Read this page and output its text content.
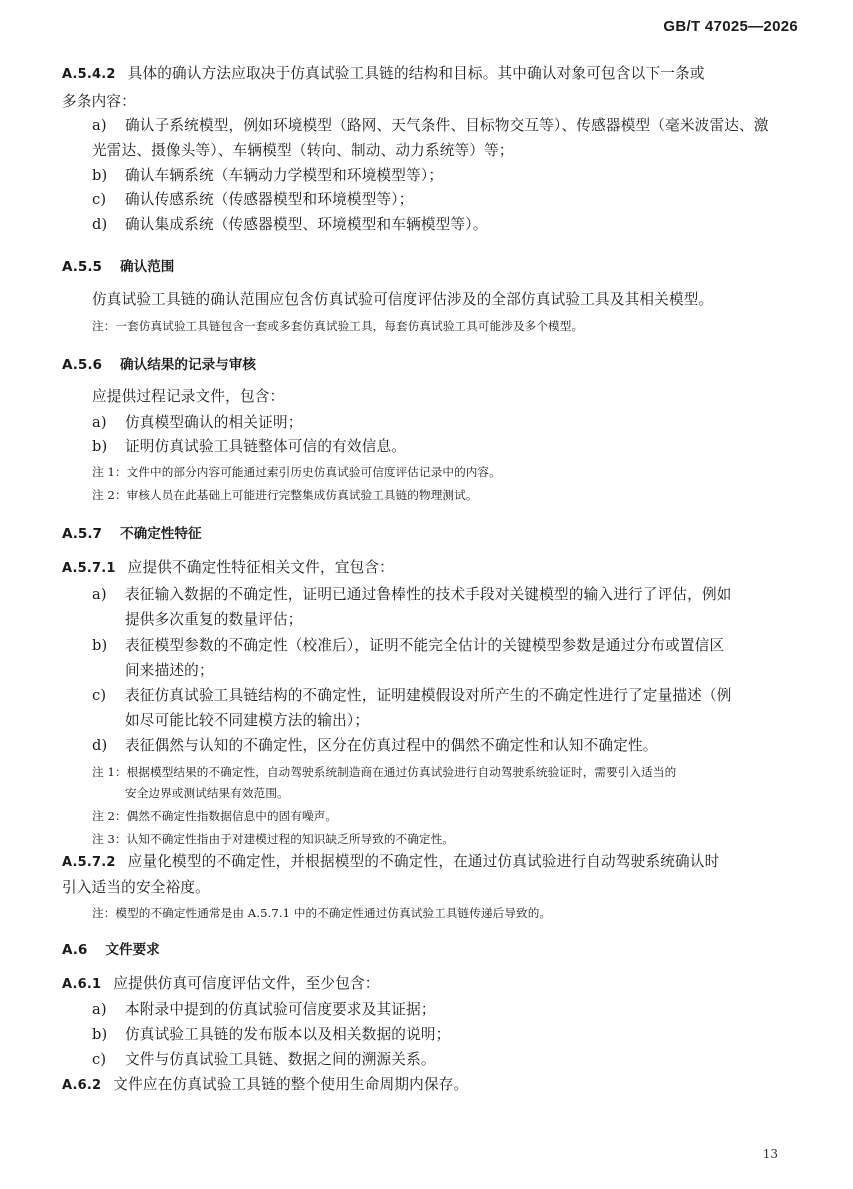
GB/T 47025—2026
A.5.4.2 具体的确认方法应取决于仿真试验工具链的结构和目标。其中确认对象可包含以下一条或
多条内容：
a) 确认子系统模型，例如环境模型（路网、天气条件、目标物交互等）、传感器模型（毫米波雷达、激
光雷达、摄像头等）、车辆模型（转向、制动、动力系统等）等；
b) 确认车辆系统（车辆动力学模型和环境模型等）；
c) 确认传感系统（传感器模型和环境模型等）；
d) 确认集成系统（传感器模型、环境模型和车辆模型等）。
A.5.5 确认范围
仿真试验工具链的确认范围应包含仿真试验可信度评估涉及的全部仿真试验工具及其相关模型。
注：一套仿真试验工具链包含一套或多套仿真试验工具，每套仿真试验工具可能涉及多个模型。
A.5.6 确认结果的记录与审核
应提供过程记录文件，包含：
a) 仿真模型确认的相关证明；
b) 证明仿真试验工具链整体可信的有效信息。
注 1：文件中的部分内容可能通过索引历史仿真试验可信度评估记录中的内容。
注 2：审核人员在此基础上可能进行完整集成仿真试验工具链的物理测试。
A.5.7 不确定性特征
A.5.7.1 应提供不确定性特征相关文件，宜包含：
a) 表征输入数据的不确定性，证明已通过鲁棒性的技术手段对关键模型的输入进行了评估，例如
提供多次重复的数量评估；
b) 表征模型参数的不确定性（校准后），证明不能完全估计的关键模型参数是通过分布或置信区
间来描述的；
c) 表征仿真试验工具链结构的不确定性，证明建模假设对所产生的不确定性进行了定量描述（例
如尽可能比较不同建模方法的输出）；
d) 表征偶然与认知的不确定性，区分在仿真过程中的偶然不确定性和认知不确定性。
注 1：根据模型结果的不确定性，自动驾驶系统制造商在通过仿真试验进行自动驾驶系统验证时，需要引入适当的
安全边界或测试结果有效范围。
注 2：偶然不确定性指数据信息中的固有噪声。
注 3：认知不确定性指由于对建模过程的知识缺乏所导致的不确定性。
A.5.7.2 应量化模型的不确定性，并根据模型的不确定性，在通过仿真试验进行自动驾驶系统确认时
引入适当的安全裕度。
注：模型的不确定性通常是由 A.5.7.1 中的不确定性通过仿真试验工具链传递后导致的。
A.6 文件要求
A.6.1 应提供仿真可信度评估文件，至少包含：
a) 本附录中提到的仿真试验可信度要求及其证据；
b) 仿真试验工具链的发布版本以及相关数据的说明；
c) 文件与仿真试验工具链、数据之间的溯源关系。
A.6.2 文件应在仿真试验工具链的整个使用生命周期内保存。
13
